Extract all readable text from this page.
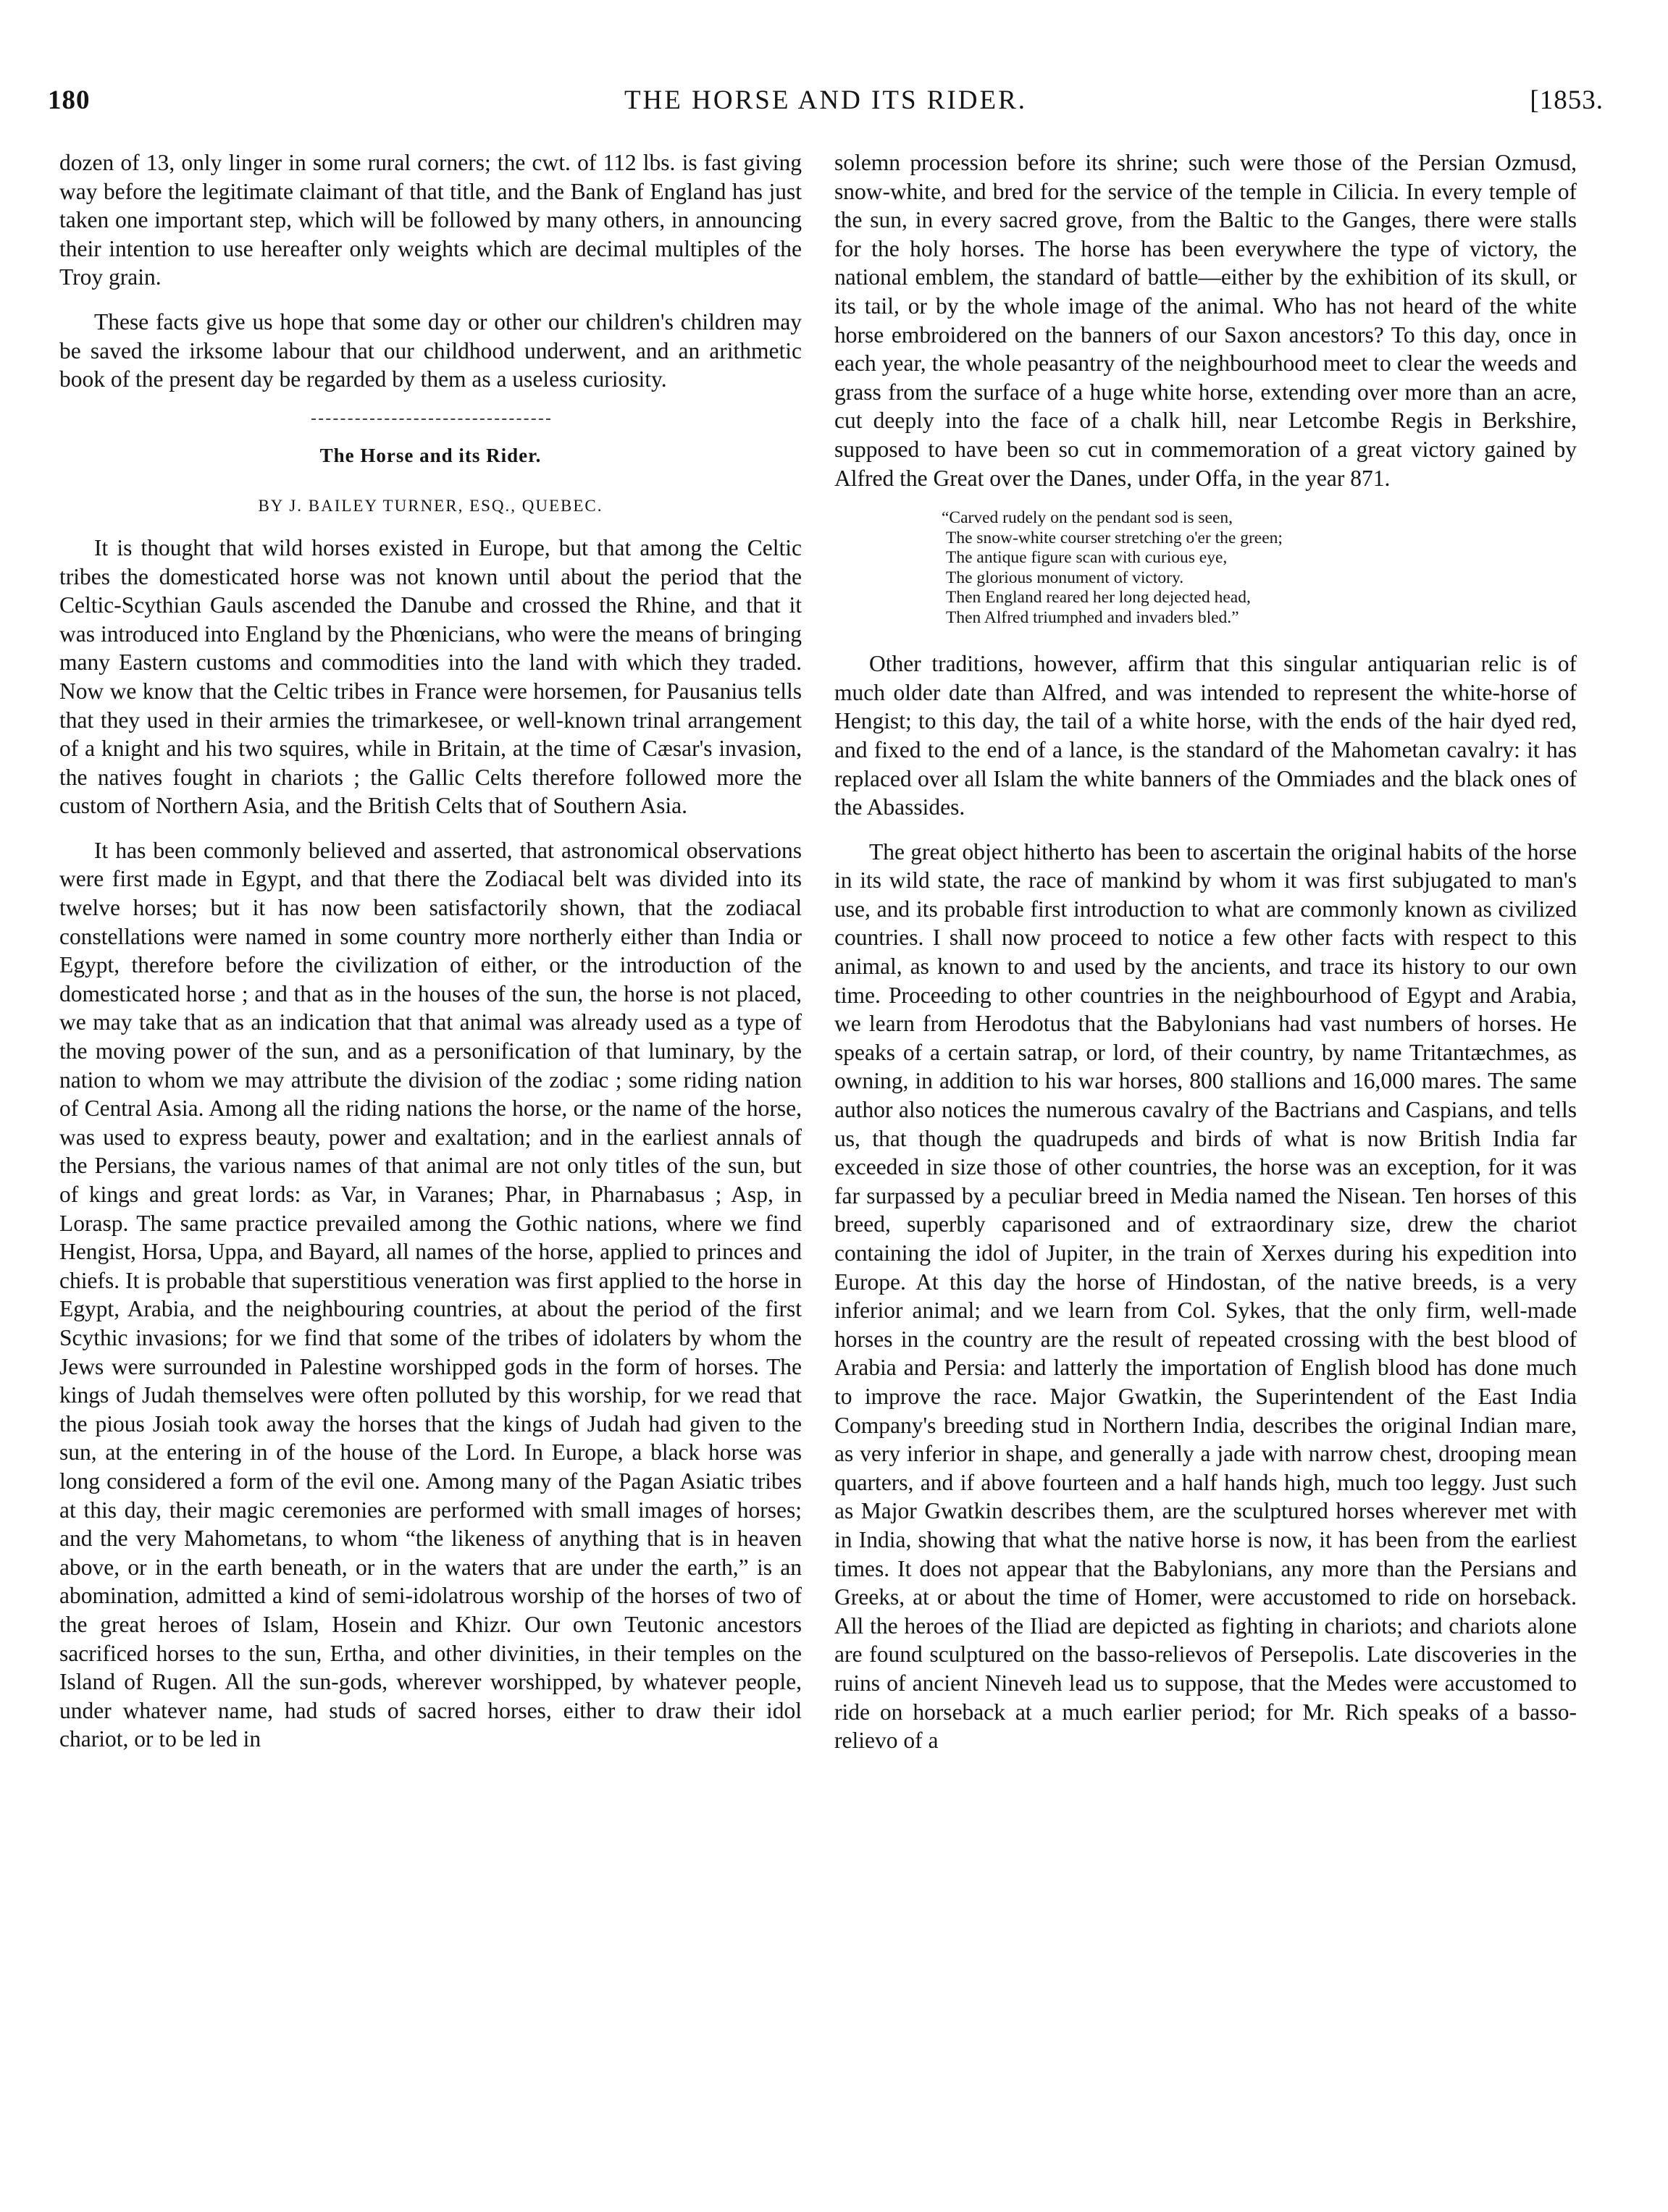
180	THE HORSE AND ITS RIDER.	[1853.

dozen of 13, only linger in some rural corners; the cwt. of 112 lbs. is fast giving way before the legitimate claimant of that title, and the Bank of England has just taken one important step, which will be followed by many others, in announcing their intention to use hereafter only weights which are decimal multiples of the Troy grain.

These facts give us hope that some day or other our children's children may be saved the irksome labour that our childhood underwent, and an arithmetic book of the present day be regarded by them as a useless curiosity.

The Horse and its Rider.
BY J. BAILEY TURNER, ESQ., QUEBEC.

It is thought that wild horses existed in Europe, but that among the Celtic tribes the domesticated horse was not known until about the period that the Celtic-Scythian Gauls ascended the Danube and crossed the Rhine, and that it was introduced into England by the Phœnicians, who were the means of bringing many Eastern customs and commodities into the land with which they traded. Now we know that the Celtic tribes in France were horsemen, for Pausanius tells that they used in their armies the trimarkesee, or well-known trinal arrangement of a knight and his two squires, while in Britain, at the time of Cæsar's invasion, the natives fought in chariots ; the Gallic Celts therefore followed more the custom of Northern Asia, and the British Celts that of Southern Asia.

It has been commonly believed and asserted, that astronomical observations were first made in Egypt, and that there the Zodiacal belt was divided into its twelve horses; but it has now been satisfactorily shown, that the zodiacal constellations were named in some country more northerly either than India or Egypt, therefore before the civilization of either, or the introduction of the domesticated horse ; and that as in the houses of the sun, the horse is not placed, we may take that as an indication that that animal was already used as a type of the moving power of the sun, and as a personification of that luminary, by the nation to whom we may attribute the division of the zodiac ; some riding nation of Central Asia. Among all the riding nations the horse, or the name of the horse, was used to express beauty, power and exaltation; and in the earliest annals of the Persians, the various names of that animal are not only titles of the sun, but of kings and great lords: as Var, in Varanes; Phar, in Pharnabasus ; Asp, in Lorasp. The same practice prevailed among the Gothic nations, where we find Hengist, Horsa, Uppa, and Bayard, all names of the horse, applied to princes and chiefs. It is probable that superstitious veneration was first applied to the horse in Egypt, Arabia, and the neighbouring countries, at about the period of the first Scythic invasions; for we find that some of the tribes of idolaters by whom the Jews were surrounded in Palestine worshipped gods in the form of horses. The kings of Judah themselves were often polluted by this worship, for we read that the pious Josiah took away the horses that the kings of Judah had given to the sun, at the entering in of the house of the Lord. In Europe, a black horse was long considered a form of the evil one. Among many of the Pagan Asiatic tribes at this day, their magic ceremonies are performed with small images of horses; and the very Mahometans, to whom “the likeness of anything that is in heaven above, or in the earth beneath, or in the waters that are under the earth,” is an abomination, admitted a kind of semi-idolatrous worship of the horses of two of the great heroes of Islam, Hosein and Khizr. Our own Teutonic ancestors sacrificed horses to the sun, Ertha, and other divinities, in their temples on the Island of Rugen. All the sun-gods, wherever worshipped, by whatever people, under whatever name, had studs of sacred horses, either to draw their idol chariot, or to be led in

solemn procession before its shrine; such were those of the Persian Ozmusd, snow-white, and bred for the service of the temple in Cilicia. In every temple of the sun, in every sacred grove, from the Baltic to the Ganges, there were stalls for the holy horses. The horse has been everywhere the type of victory, the national emblem, the standard of battle—either by the exhibition of its skull, or its tail, or by the whole image of the animal. Who has not heard of the white horse embroidered on the banners of our Saxon ancestors? To this day, once in each year, the whole peasantry of the neighbourhood meet to clear the weeds and grass from the surface of a huge white horse, extending over more than an acre, cut deeply into the face of a chalk hill, near Letcombe Regis in Berkshire, supposed to have been so cut in commemoration of a great victory gained by Alfred the Great over the Danes, under Offa, in the year 871.

“Carved rudely on the pendant sod is seen,
The snow-white courser stretching o'er the green;
The antique figure scan with curious eye,
The glorious monument of victory.
Then England reared her long dejected head,
Then Alfred triumphed and invaders bled.”

Other traditions, however, affirm that this singular antiquarian relic is of much older date than Alfred, and was intended to represent the white-horse of Hengist; to this day, the tail of a white horse, with the ends of the hair dyed red, and fixed to the end of a lance, is the standard of the Mahometan cavalry: it has replaced over all Islam the white banners of the Ommiades and the black ones of the Abassides.

The great object hitherto has been to ascertain the original habits of the horse in its wild state, the race of mankind by whom it was first subjugated to man's use, and its probable first introduction to what are commonly known as civilized countries. I shall now proceed to notice a few other facts with respect to this animal, as known to and used by the ancients, and trace its history to our own time. Proceeding to other countries in the neighbourhood of Egypt and Arabia, we learn from Herodotus that the Babylonians had vast numbers of horses. He speaks of a certain satrap, or lord, of their country, by name Tritantæchmes, as owning, in addition to his war horses, 800 stallions and 16,000 mares. The same author also notices the numerous cavalry of the Bactrians and Caspians, and tells us, that though the quadrupeds and birds of what is now British India far exceeded in size those of other countries, the horse was an exception, for it was far surpassed by a peculiar breed in Media named the Nisean. Ten horses of this breed, superbly caparisoned and of extraordinary size, drew the chariot containing the idol of Jupiter, in the train of Xerxes during his expedition into Europe. At this day the horse of Hindostan, of the native breeds, is a very inferior animal; and we learn from Col. Sykes, that the only firm, well-made horses in the country are the result of repeated crossing with the best blood of Arabia and Persia: and latterly the importation of English blood has done much to improve the race. Major Gwatkin, the Superintendent of the East India Company's breeding stud in Northern India, describes the original Indian mare, as very inferior in shape, and generally a jade with narrow chest, drooping mean quarters, and if above fourteen and a half hands high, much too leggy. Just such as Major Gwatkin describes them, are the sculptured horses wherever met with in India, showing that what the native horse is now, it has been from the earliest times. It does not appear that the Babylonians, any more than the Persians and Greeks, at or about the time of Homer, were accustomed to ride on horseback. All the heroes of the Iliad are depicted as fighting in chariots; and chariots alone are found sculptured on the basso-relievos of Persepolis. Late discoveries in the ruins of ancient Nineveh lead us to suppose, that the Medes were accustomed to ride on horseback at a much earlier period; for Mr. Rich speaks of a basso-relievo of a
